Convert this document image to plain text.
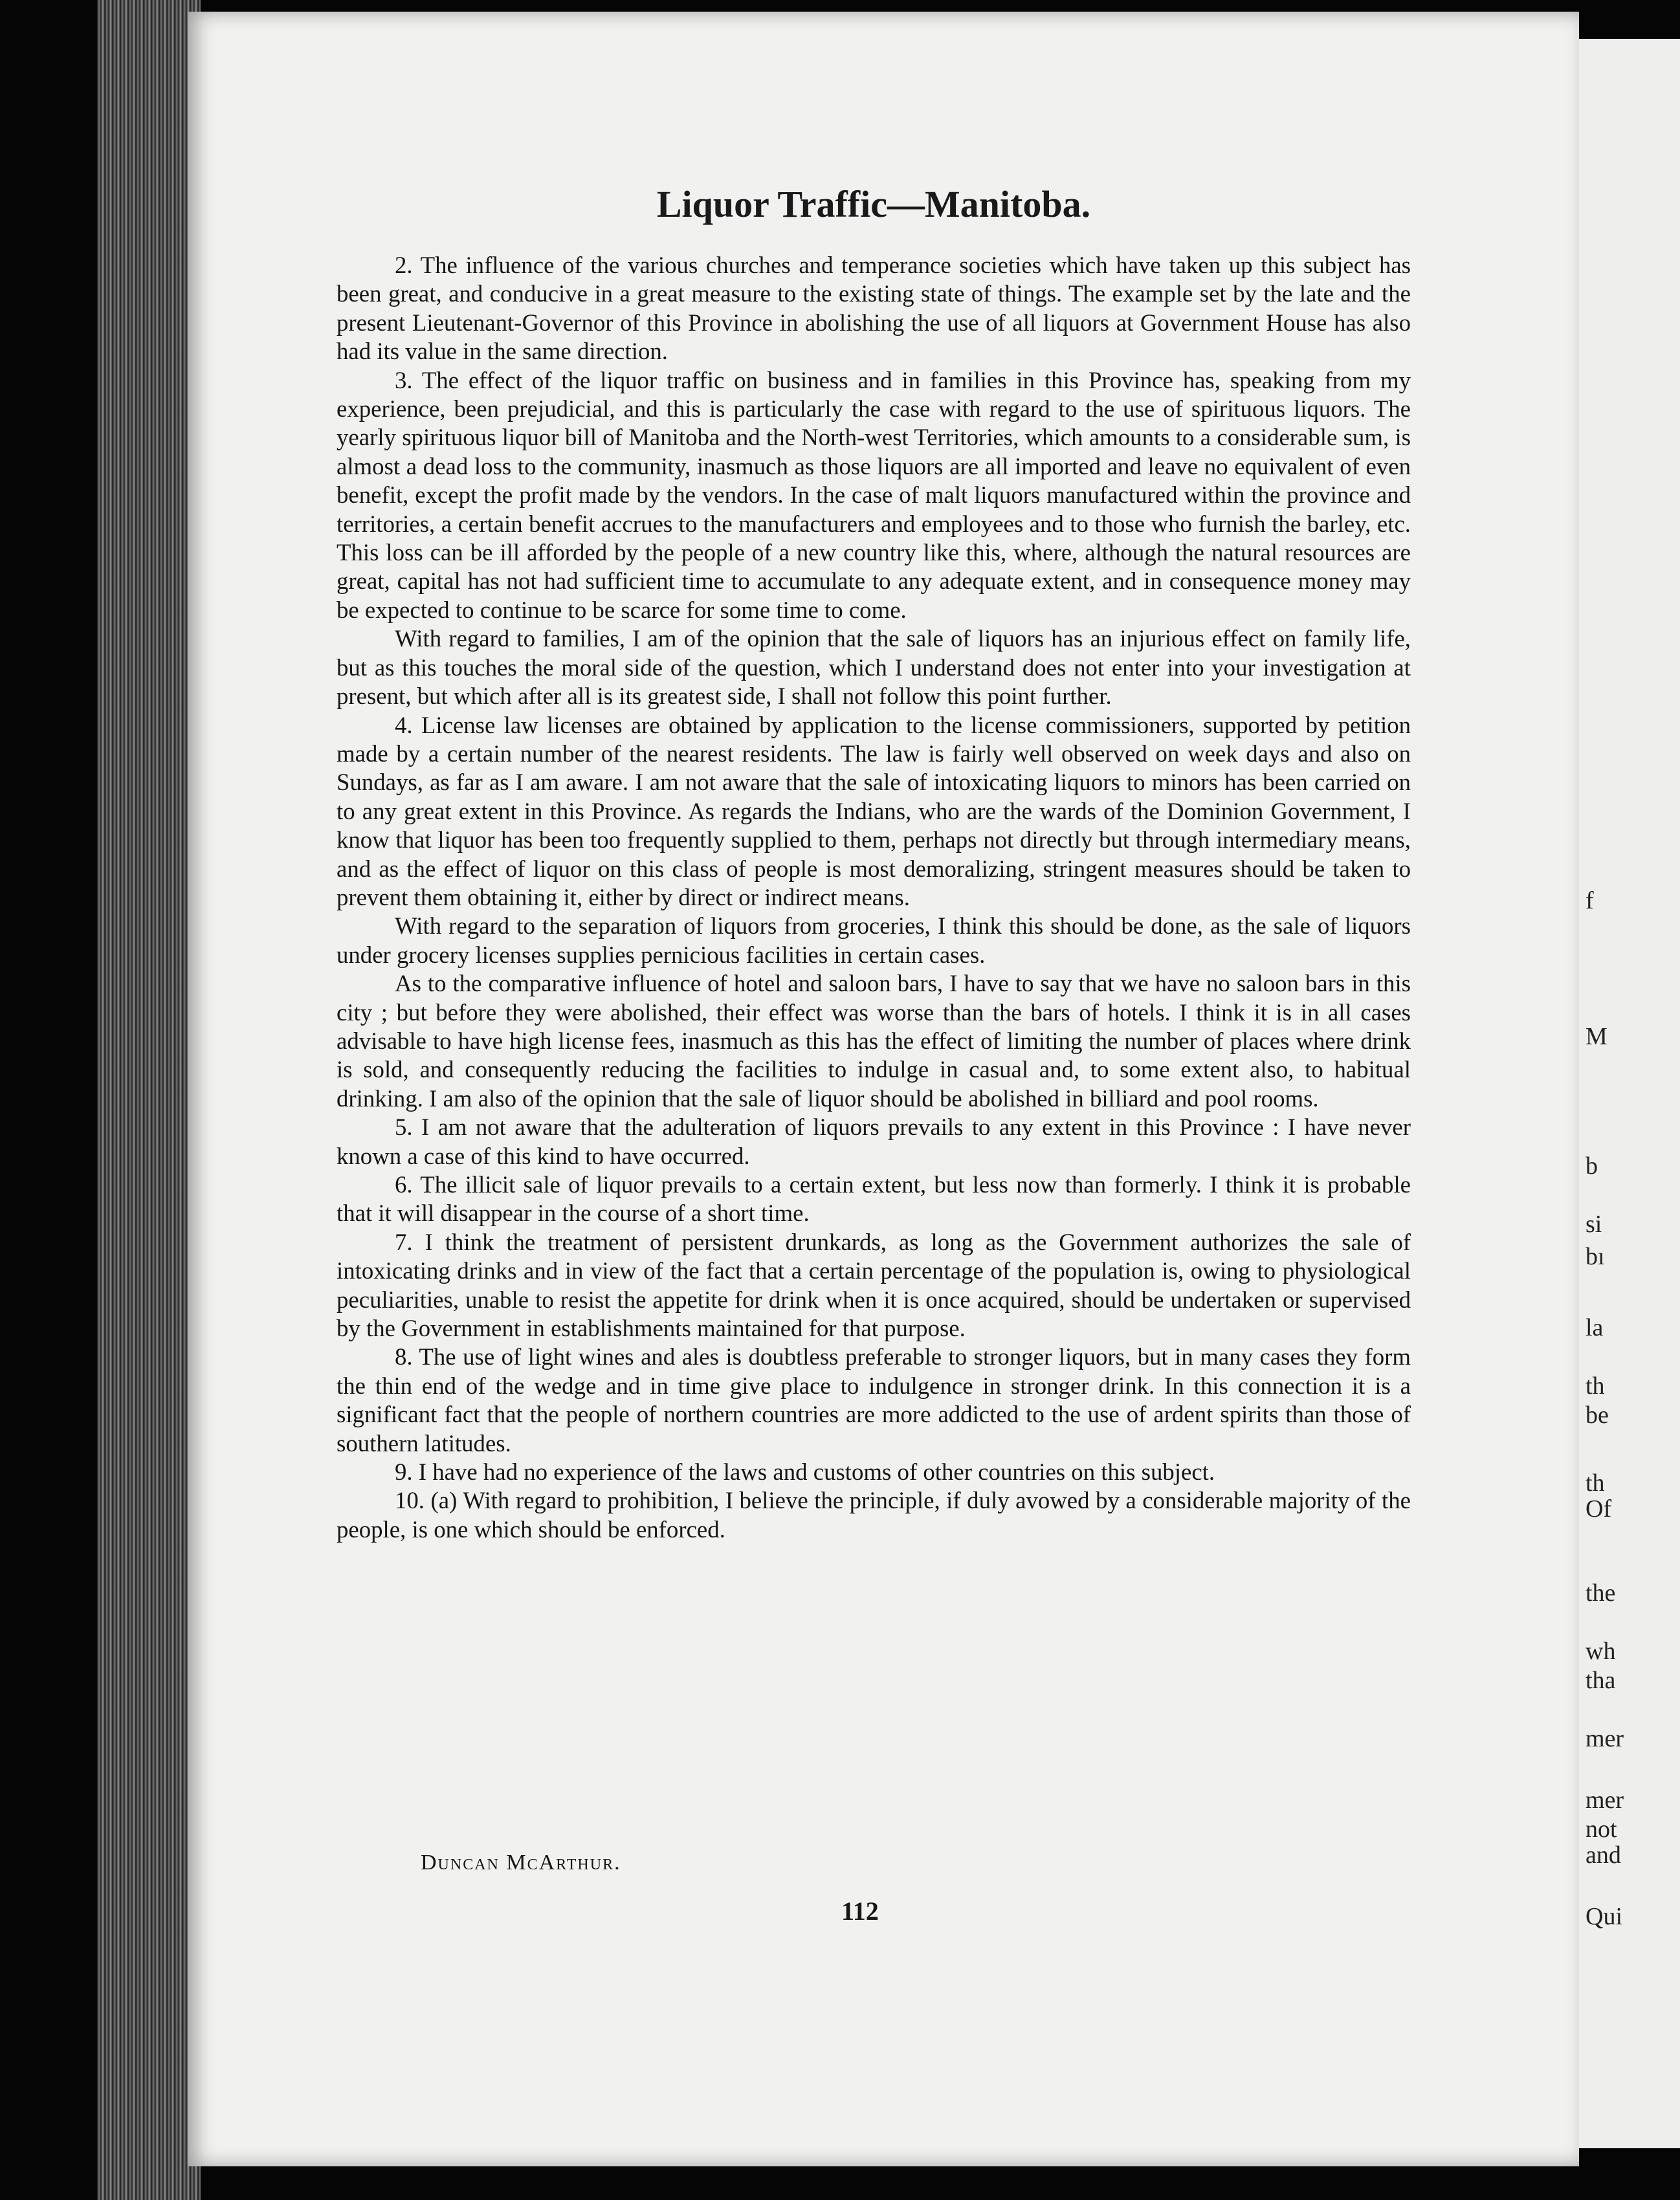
f
M
b
si
bı
la
th
be
th
Of
the
wh
tha
mer
mer
not
and
Qui
Liquor Traffic—Manitoba.

2. The influence of the various churches and temperance societies which have taken up this subject has been great, and conducive in a great measure to the existing state of things. The example set by the late and the present Lieutenant-Governor of this Province in abolishing the use of all liquors at Government House has also had its value in the same direction.

3. The effect of the liquor traffic on business and in families in this Province has, speaking from my experience, been prejudicial, and this is particularly the case with regard to the use of spirituous liquors. The yearly spirituous liquor bill of Manitoba and the North-west Territories, which amounts to a considerable sum, is almost a dead loss to the community, inasmuch as those liquors are all imported and leave no equivalent of even benefit, except the profit made by the vendors. In the case of malt liquors manufactured within the province and territories, a certain benefit accrues to the manufacturers and employees and to those who furnish the barley, etc. This loss can be ill afforded by the people of a new country like this, where, although the natural resources are great, capital has not had sufficient time to accumulate to any adequate extent, and in consequence money may be expected to continue to be scarce for some time to come.

With regard to families, I am of the opinion that the sale of liquors has an injurious effect on family life, but as this touches the moral side of the question, which I understand does not enter into your investigation at present, but which after all is its greatest side, I shall not follow this point further.

4. License law licenses are obtained by application to the license commissioners, supported by petition made by a certain number of the nearest residents. The law is fairly well observed on week days and also on Sundays, as far as I am aware. I am not aware that the sale of intoxicating liquors to minors has been carried on to any great extent in this Province. As regards the Indians, who are the wards of the Dominion Government, I know that liquor has been too frequently supplied to them, perhaps not directly but through intermediary means, and as the effect of liquor on this class of people is most demoralizing, stringent measures should be taken to prevent them obtaining it, either by direct or indirect means.

With regard to the separation of liquors from groceries, I think this should be done, as the sale of liquors under grocery licenses supplies pernicious facilities in certain cases.

As to the comparative influence of hotel and saloon bars, I have to say that we have no saloon bars in this city ; but before they were abolished, their effect was worse than the bars of hotels. I think it is in all cases advisable to have high license fees, inasmuch as this has the effect of limiting the number of places where drink is sold, and consequently reducing the facilities to indulge in casual and, to some extent also, to habitual drinking. I am also of the opinion that the sale of liquor should be abolished in billiard and pool rooms.

5. I am not aware that the adulteration of liquors prevails to any extent in this Province : I have never known a case of this kind to have occurred.

6. The illicit sale of liquor prevails to a certain extent, but less now than formerly. I think it is probable that it will disappear in the course of a short time.

7. I think the treatment of persistent drunkards, as long as the Government authorizes the sale of intoxicating drinks and in view of the fact that a certain percentage of the population is, owing to physiological peculiarities, unable to resist the appetite for drink when it is once acquired, should be undertaken or supervised by the Government in establishments maintained for that purpose.

8. The use of light wines and ales is doubtless preferable to stronger liquors, but in many cases they form the thin end of the wedge and in time give place to indulgence in stronger drink. In this connection it is a significant fact that the people of northern countries are more addicted to the use of ardent spirits than those of southern latitudes.

9. I have had no experience of the laws and customs of other countries on this subject.

10. (a) With regard to prohibition, I believe the principle, if duly avowed by a considerable majority of the people, is one which should be enforced.

Duncan McArthur.
112
